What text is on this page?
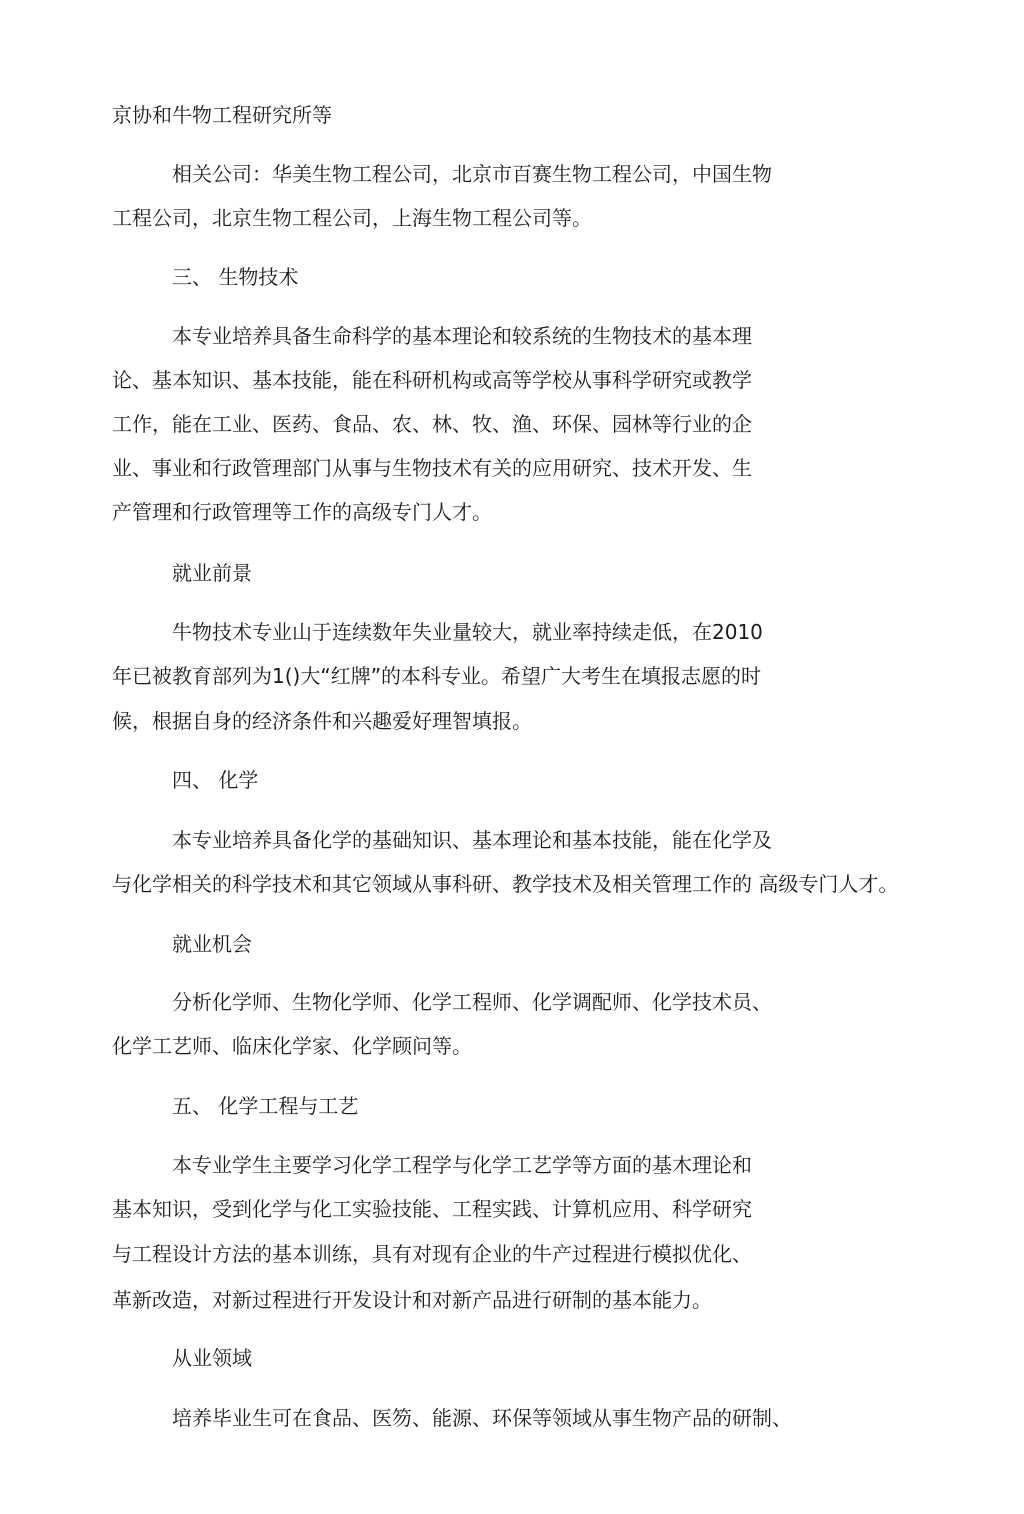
京协和牛物工程研究所等
相关公司：华美生物工程公司，北京市百赛生物工程公司，中国生物
工程公司，北京生物工程公司，上海生物工程公司等。
三、 生物技术
本专业培养具备生命科学的基本理论和较系统的生物技术的基本理
论、基本知识、基本技能，能在科研机构或高等学校从事科学研究或教学
工作，能在工业、医药、食品、农、林、牧、渔、环保、园林等行业的企
业、事业和行政管理部门从事与生物技术有关的应用研究、技术开发、生
产管理和行政管理等工作的高级专门人才。
就业前景
牛物技术专业山于连续数年失业量较大，就业率持续走低，在2010
年已被教育部列为1()大“红牌”的本科专业。希望广大考生在填报志愿的时
候，根据自身的经济条件和兴趣爱好理智填报。
四、 化学
本专业培养具备化学的基础知识、基本理论和基本技能，能在化学及
与化学相关的科学技术和其它领域从事科研、教学技术及相关管理工作的 高级专门人才。
就业机会
分析化学师、生物化学师、化学工程师、化学调配师、化学技术员、
化学工艺师、临床化学家、化学顾问等。
五、 化学工程与工艺
本专业学生主要学习化学工程学与化学工艺学等方面的基木理论和
基本知识，受到化学与化工实验技能、工程实践、计算机应用、科学研究
与工程设计方法的基本训练，具有对现有企业的牛产过程进行模拟优化、
革新改造，对新过程进行开发设计和对新产品进行研制的基本能力。
从业领域
培养毕业生可在食品、医笏、能源、环保等领域从事生物产品的研制、
